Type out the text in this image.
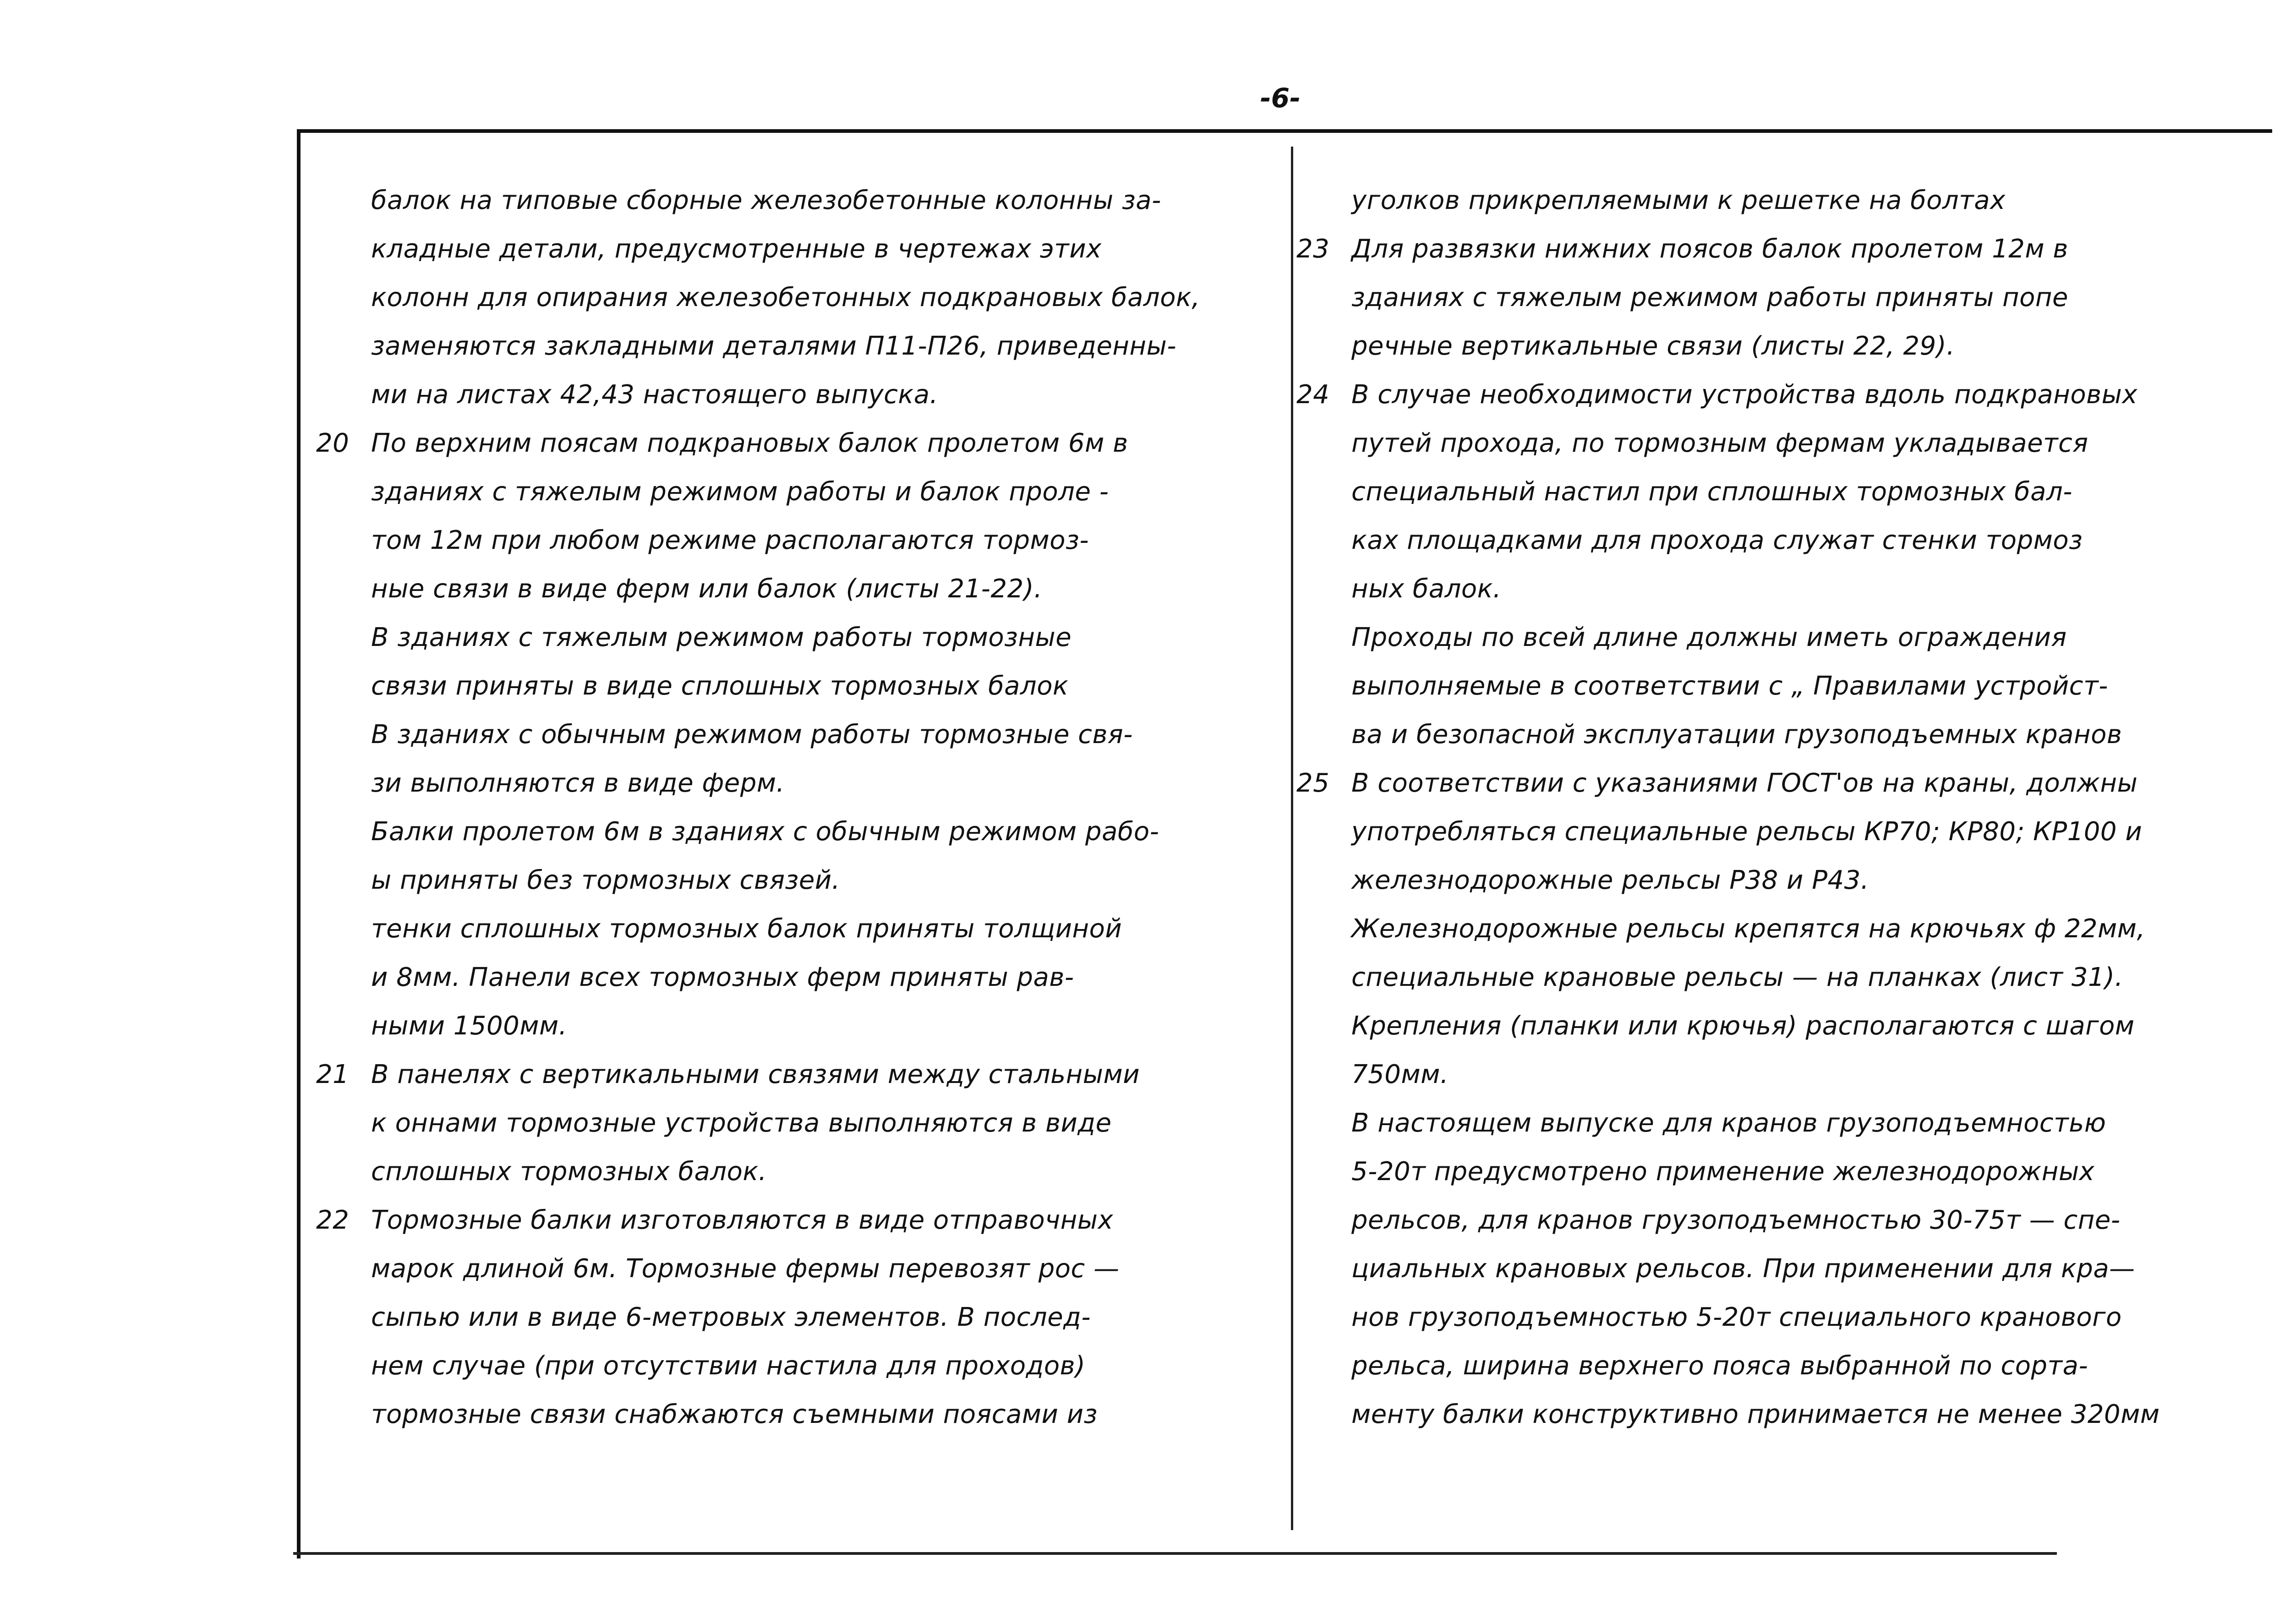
-6-
балок на типовые сборные железобетонные колонны за-
кладные детали, предусмотренные в чертежах этих
колонн для опирания железобетонных подкрановых балок,
заменяются закладными деталями П11-П26, приведенны-
ми на листах 42,43 настоящего выпуска.
20 По верхним поясам подкрановых балок пролетом 6м в
зданиях с тяжелым режимом работы и балок проле -
том 12м при любом режиме располагаются тормоз-
ные связи в виде ферм или балок (листы 21-22).
В зданиях с тяжелым режимом работы тормозные
связи приняты в виде сплошных тормозных балок
В зданиях с обычным режимом работы тормозные свя-
зи выполняются в виде ферм.
Балки пролетом 6м в зданиях с обычным режимом рабо-
ы приняты без тормозных связей.
тенки сплошных тормозных балок приняты толщиной
и 8мм. Панели всех тормозных ферм приняты рав-
ными 1500мм.
21 В панелях с вертикальными связями между стальными
к оннами тормозные устройства выполняются в виде
сплошных тормозных балок.
22 Тормозные балки изготовляются в виде отправочных
марок длиной 6м. Тормозные фермы перевозят рос —
сыпью или в виде 6-метровых элементов. В послед-
нем случае (при отсутствии настила для проходов)
тормозные связи снабжаются съемными поясами из
уголков прикрепляемыми к решетке на болтах
23 Для развязки нижних поясов балок пролетом 12м в
зданиях с тяжелым режимом работы приняты попе
речные вертикальные связи (листы 22, 29).
24 В случае необходимости устройства вдоль подкрановых
путей прохода, по тормозным фермам укладывается
специальный настил при сплошных тормозных бал-
ках площадками для прохода служат стенки тормоз
ных балок.
Проходы по всей длине должны иметь ограждения
выполняемые в соответствии с „ Правилами устройст-
ва и безопасной эксплуатации грузоподъемных кранов
25 В соответствии с указаниями ГОСТ'ов на краны, должны
употребляться специальные рельсы КР70; КР80; КР100 и
железнодорожные рельсы Р38 и Р43.
Железнодорожные рельсы крепятся на крючьях ф 22мм,
специальные крановые рельсы — на планках (лист 31).
Крепления (планки или крючья) располагаются с шагом
750мм.
В настоящем выпуске для кранов грузоподъемностью
5-20т предусмотрено применение железнодорожных
рельсов, для кранов грузоподъемностью 30-75т — спе-
циальных крановых рельсов. При применении для кра—
нов грузоподъемностью 5-20т специального кранового
рельса, ширина верхнего пояса выбранной по сорта-
менту балки конструктивно принимается не менее 320мм
